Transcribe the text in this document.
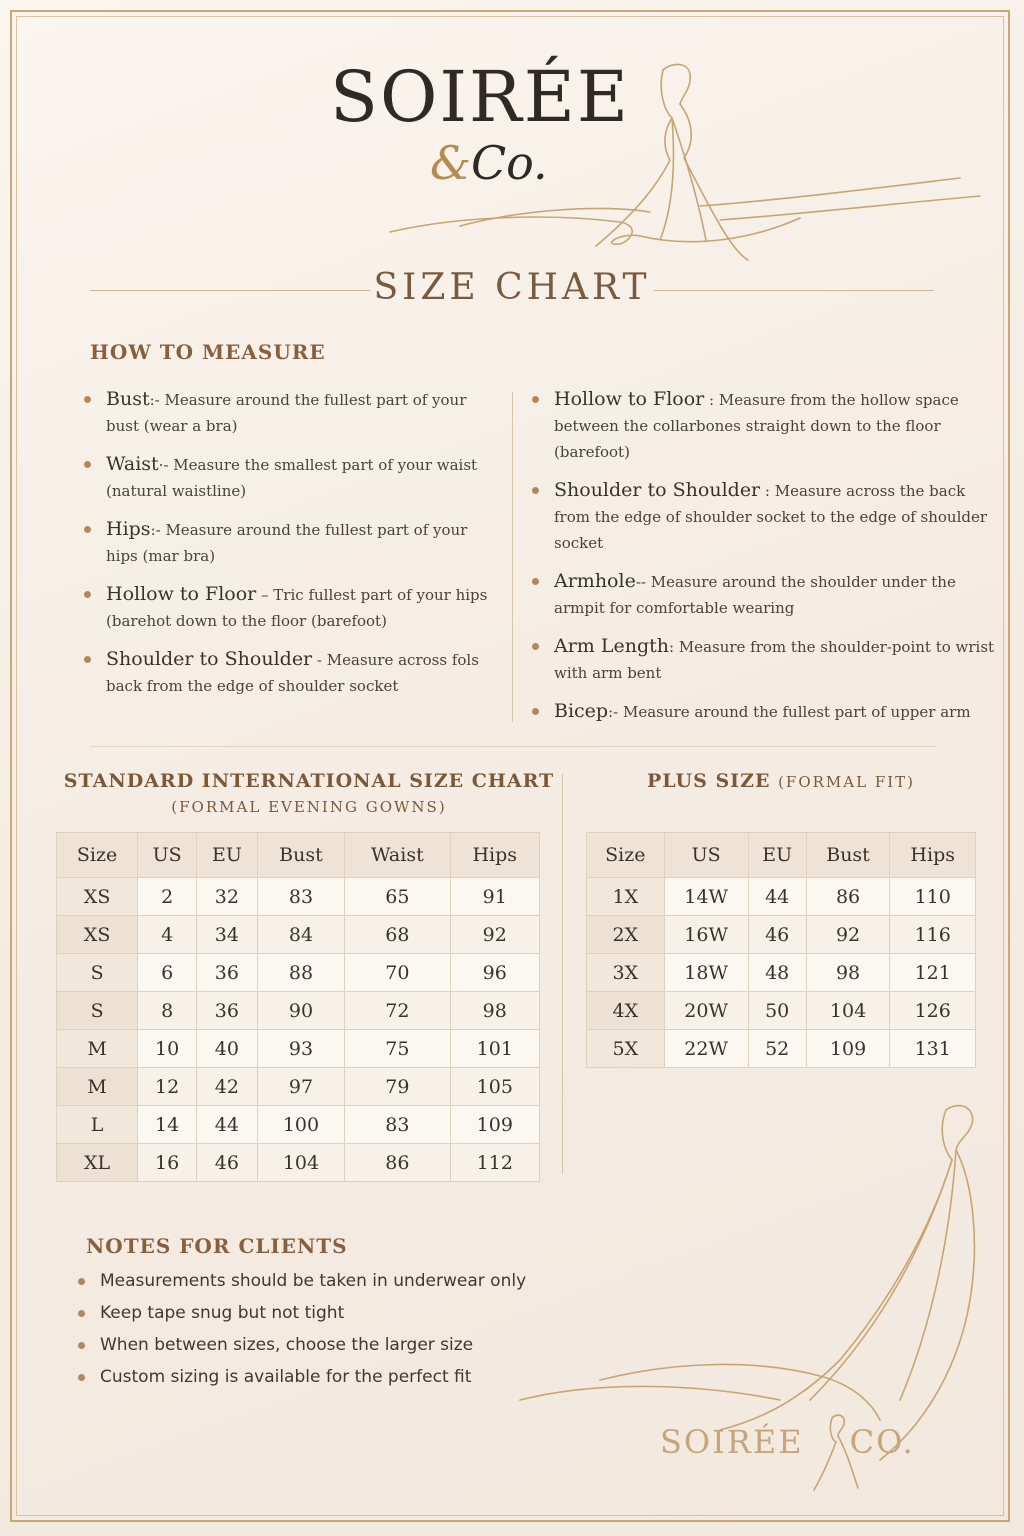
SOIRÉE
&Co.
SIZE CHART
HOW TO MEASURE
Bust:- Measure around the fullest part of your bust (wear a bra)
Waist·- Measure the smallest part of your waist (natural waistline)
Hips:- Measure around the fullest part of your hips (mar bra)
Hollow to Floor – Tric fullest part of your hips (barehot down to the floor (barefoot)
Shoulder to Shoulder - Measure across fols back from the edge of shoulder socket
Hollow to Floor : Measure from the hollow space between the collarbones straight down to the floor (barefoot)
Shoulder to Shoulder : Measure across the back from the edge of shoulder socket to the edge of shoulder socket
Armhole-- Measure around the shoulder under the armpit for comfortable wearing
Arm Length: Measure from the shoulder-point to wrist with arm bent
Bicep:- Measure around the fullest part of upper arm
STANDARD INTERNATIONAL SIZE CHART
(FORMAL EVENING GOWNS)
Size	US	EU	Bust	Waist	Hips
XS	2	32	83	65	91
XS	4	34	84	68	92
S	6	36	88	70	96
S	8	36	90	72	98
M	10	40	93	75	101
M	12	42	97	79	105
L	14	44	100	83	109
XL	16	46	104	86	112
PLUS SIZE (FORMAL FIT)
Size	US	EU	Bust	Hips
1X	14W	44	86	110
2X	16W	46	92	116
3X	18W	48	98	121
4X	20W	50	104	126
5X	22W	52	109	131
NOTES FOR CLIENTS
Measurements should be taken in underwear only
Keep tape snug but not tight
When between sizes, choose the larger size
Custom sizing is available for the perfect fit
SOIRÉE CO.
